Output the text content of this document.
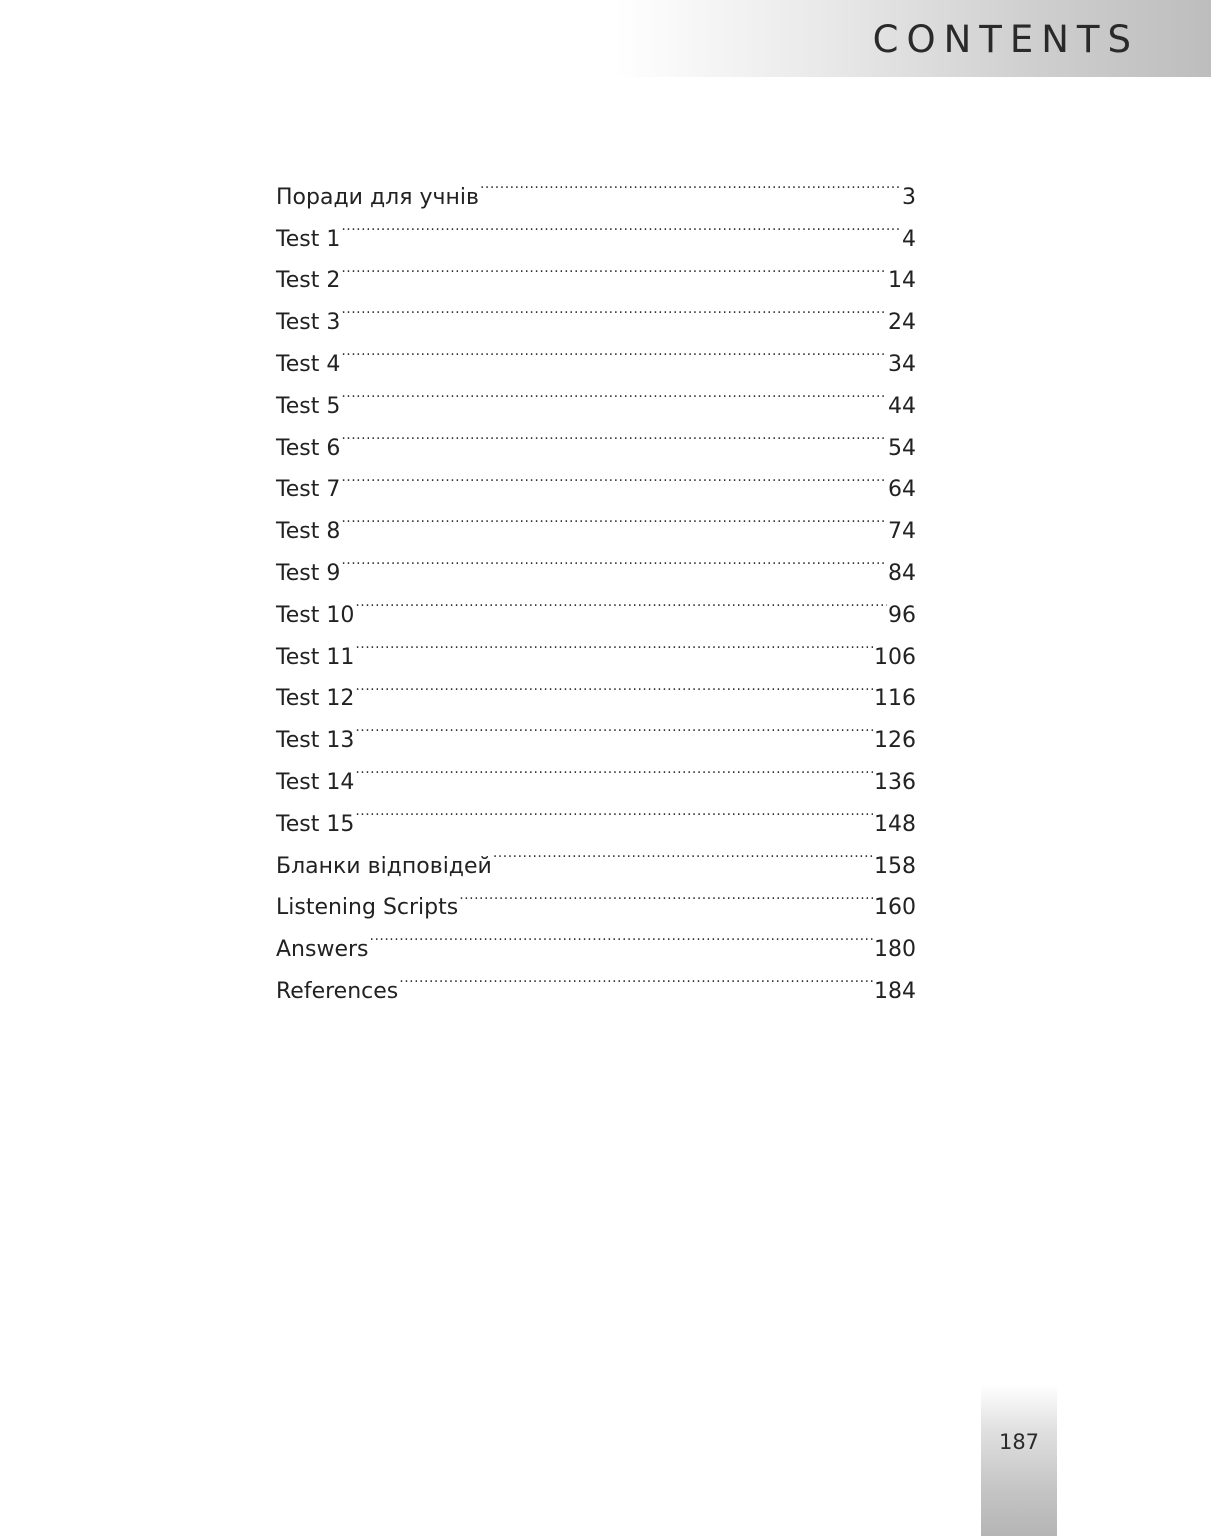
CONTENTS
Поради для учнів .....	3
Test 1 .....	4
Test 2 .....	14
Test 3 .....	24
Test 4 .....	34
Test 5 .....	44
Test 6 .....	54
Test 7 .....	64
Test 8 .....	74
Test 9 .....	84
Test 10 .....	96
Test 11 .....	106
Test 12 .....	116
Test 13 .....	126
Test 14 .....	136
Test 15 .....	148
Бланки відповідей .....	158
Listening Scripts .....	160
Answers .....	180
References .....	184
187
